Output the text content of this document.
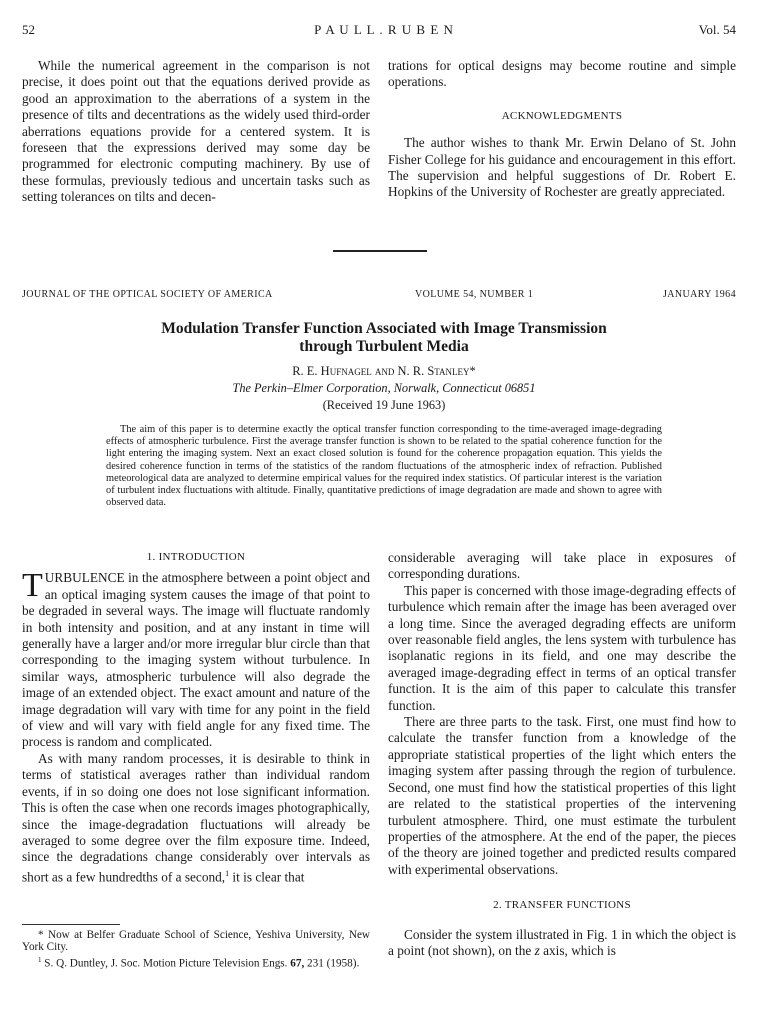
52	P A U L L . R U B E N	Vol. 54

While the numerical agreement in the comparison is not precise, it does point out that the equations derived provide as good an approximation to the aberrations of a system in the presence of tilts and decentrations as the widely used third-order aberrations equations provide for a centered system. It is foreseen that the expressions derived may some day be programmed for electronic computing machinery. By use of these formulas, previously tedious and uncertain tasks such as setting tolerances on tilts and decen-

trations for optical designs may become routine and simple operations.

ACKNOWLEDGMENTS

The author wishes to thank Mr. Erwin Delano of St. John Fisher College for his guidance and encouragement in this effort. The supervision and helpful suggestions of Dr. Robert E. Hopkins of the University of Rochester are greatly appreciated.

JOURNAL OF THE OPTICAL SOCIETY OF AMERICA	VOLUME 54, NUMBER 1	JANUARY 1964
Modulation Transfer Function Associated with Image Transmission
through Turbulent Media
R. E. Hufnagel and N. R. Stanley*
The Perkin–Elmer Corporation, Norwalk, Connecticut 06851
(Received 19 June 1963)
The aim of this paper is to determine exactly the optical transfer function corresponding to the time-averaged image-degrading effects of atmospheric turbulence. First the average transfer function is shown to be related to the spatial coherence function for the light entering the imaging system. Next an exact closed solution is found for the coherence propagation equation. This yields the desired coherence function in terms of the statistics of the random fluctuations of the atmospheric index of refraction. Published meteorological data are analyzed to determine empirical values for the required index statistics. Of particular interest is the variation of turbulent index fluctuations with altitude. Finally, quantitative predictions of image degradation are made and shown to agree with observed data.
1. INTRODUCTION

TURBULENCE in the atmosphere between a point object and an optical imaging system causes the image of that point to be degraded in several ways. The image will fluctuate randomly in both intensity and position, and at any instant in time will generally have a larger and/or more irregular blur circle than that corresponding to the imaging system without turbulence. In similar ways, atmospheric turbulence will also degrade the image of an extended object. The exact amount and nature of the image degradation will vary with time for any point in the field of view and will vary with field angle for any fixed time. The process is random and complicated.

As with many random processes, it is desirable to think in terms of statistical averages rather than individual random events, if in so doing one does not lose significant information. This is often the case when one records images photographically, since the image-degradation fluctuations will already be averaged to some degree over the film exposure time. Indeed, since the degradations change considerably over intervals as short as a few hundredths of a second,$^1$ it is clear that

* Now at Belfer Graduate School of Science, Yeshiva University, New York City.
$^1$ S. Q. Duntley, J. Soc. Motion Picture Television Engs. 67, 231 (1958).

considerable averaging will take place in exposures of corresponding durations.

This paper is concerned with those image-degrading effects of turbulence which remain after the image has been averaged over a long time. Since the averaged degrading effects are uniform over reasonable field angles, the lens system with turbulence has isoplanatic regions in its field, and one may describe the averaged image-degrading effect in terms of an optical transfer function. It is the aim of this paper to calculate this transfer function.

There are three parts to the task. First, one must find how to calculate the transfer function from a knowledge of the appropriate statistical properties of the light which enters the imaging system after passing through the region of turbulence. Second, one must find how the statistical properties of this light are related to the statistical properties of the intervening turbulent atmosphere. Third, one must estimate the turbulent properties of the atmosphere. At the end of the paper, the pieces of the theory are joined together and predicted results compared with experimental observations.

2. TRANSFER FUNCTIONS

Consider the system illustrated in Fig. 1 in which the object is a point (not shown), on the z axis, which is
